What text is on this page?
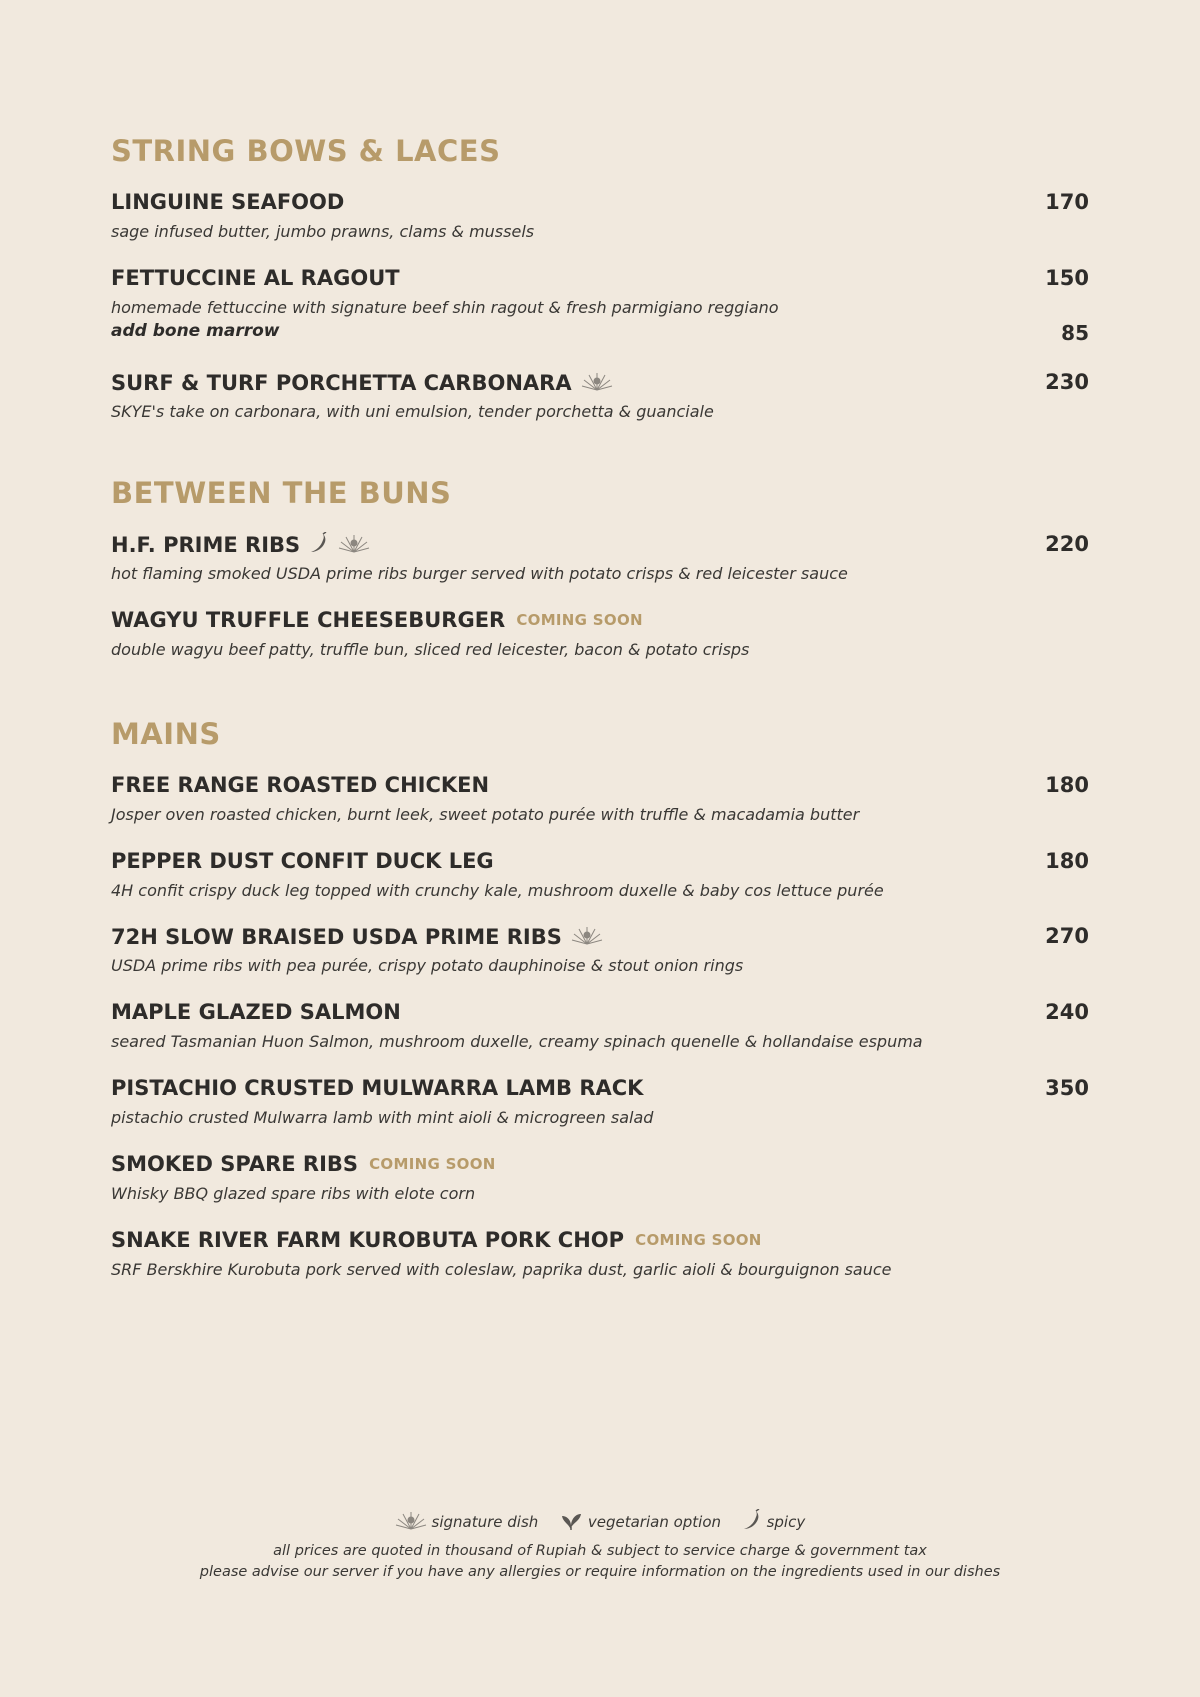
STRING BOWS & LACES
LINGUINE SEAFOOD	170
sage infused butter, jumbo prawns, clams & mussels
FETTUCCINE AL RAGOUT	150
homemade fettuccine with signature beef shin ragout & fresh parmigiano reggiano
add bone marrow	85
SURF & TURF PORCHETTA CARBONARA	230
SKYE's take on carbonara, with uni emulsion, tender porchetta & guanciale
BETWEEN THE BUNS
H.F. PRIME RIBS	220
hot flaming smoked USDA prime ribs burger served with potato crisps & red leicester sauce
WAGYU TRUFFLE CHEESEBURGER COMING SOON
double wagyu beef patty, truffle bun, sliced red leicester, bacon & potato crisps
MAINS
FREE RANGE ROASTED CHICKEN	180
Josper oven roasted chicken, burnt leek, sweet potato purée with truffle & macadamia butter
PEPPER DUST CONFIT DUCK LEG	180
4H confit crispy duck leg topped with crunchy kale, mushroom duxelle & baby cos lettuce purée
72H SLOW BRAISED USDA PRIME RIBS	270
USDA prime ribs with pea purée, crispy potato dauphinoise & stout onion rings
MAPLE GLAZED SALMON	240
seared Tasmanian Huon Salmon, mushroom duxelle, creamy spinach quenelle & hollandaise espuma
PISTACHIO CRUSTED MULWARRA LAMB RACK	350
pistachio crusted Mulwarra lamb with mint aioli & microgreen salad
SMOKED SPARE RIBS COMING SOON
Whisky BBQ glazed spare ribs with elote corn
SNAKE RIVER FARM KUROBUTA PORK CHOP COMING SOON
SRF Berskhire Kurobuta pork served with coleslaw, paprika dust, garlic aioli & bourguignon sauce
signature dish	vegetarian option	spicy
all prices are quoted in thousand of Rupiah & subject to service charge & government tax
please advise our server if you have any allergies or require information on the ingredients used in our dishes
